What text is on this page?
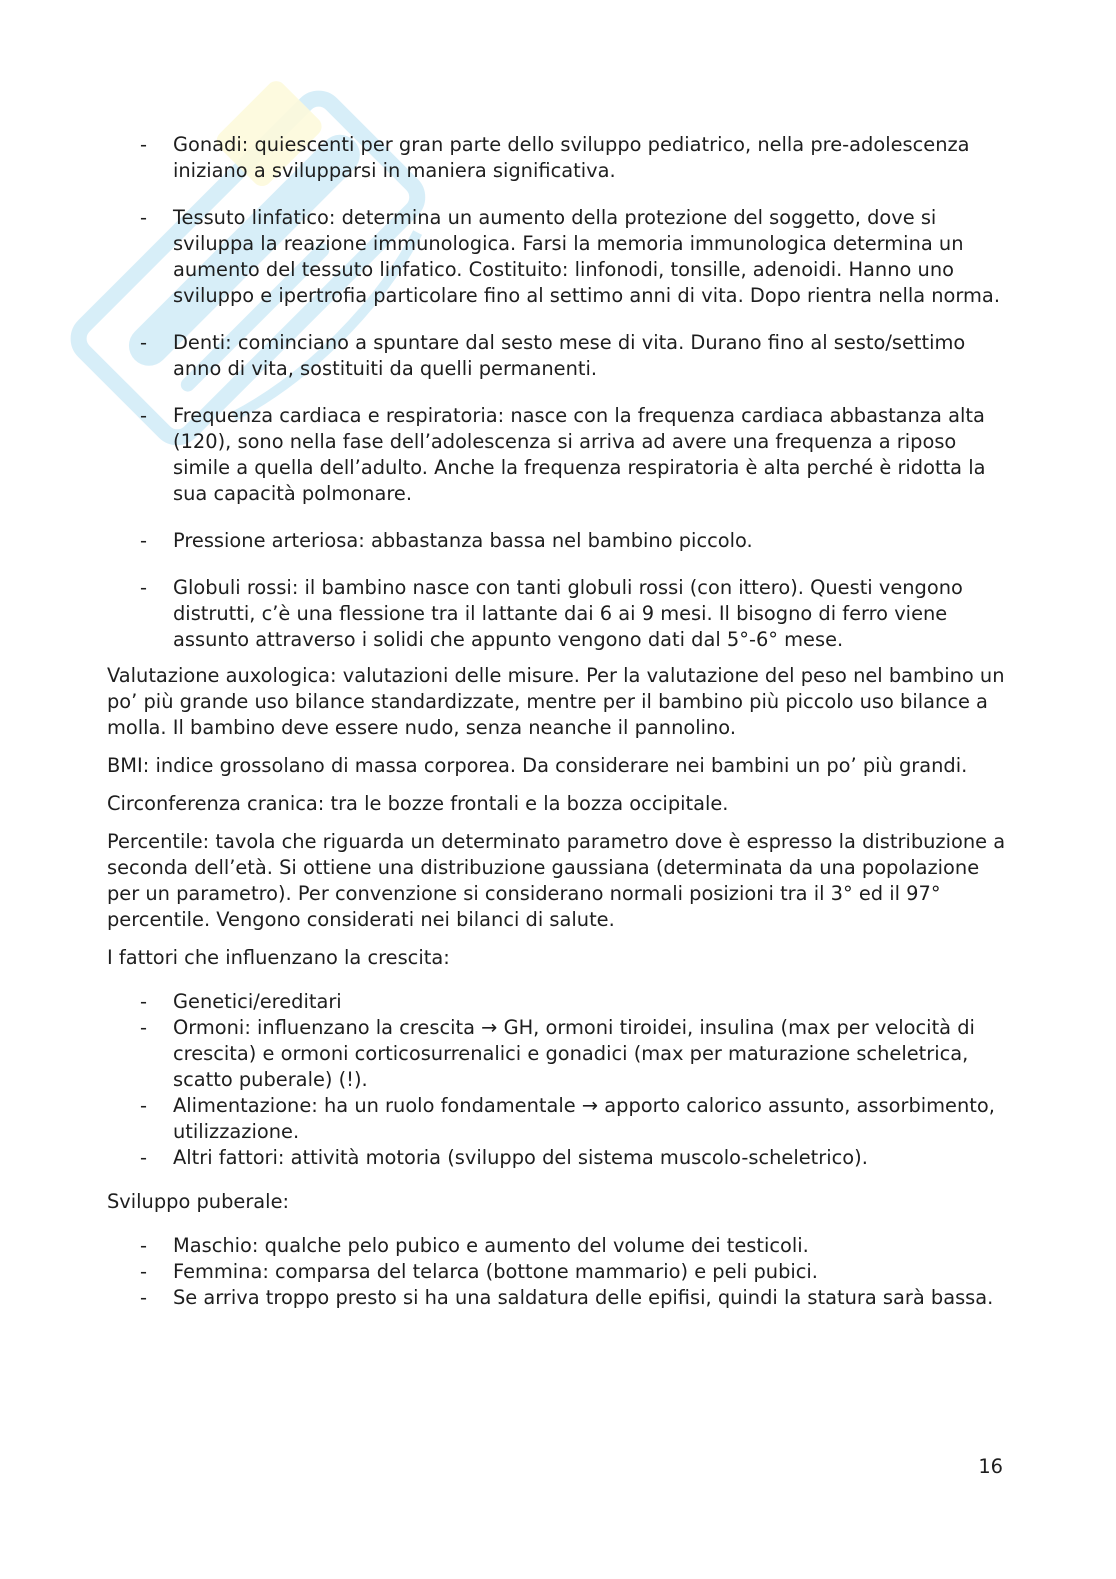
- Gonadi: quiescenti per gran parte dello sviluppo pediatrico, nella pre-adolescenza iniziano a svilupparsi in maniera significativa.
- Tessuto linfatico: determina un aumento della protezione del soggetto, dove si sviluppa la reazione immunologica. Farsi la memoria immunologica determina un aumento del tessuto linfatico. Costituito: linfonodi, tonsille, adenoidi. Hanno uno sviluppo e ipertrofia particolare fino al settimo anni di vita. Dopo rientra nella norma.
- Denti: cominciano a spuntare dal sesto mese di vita. Durano fino al sesto/settimo anno di vita, sostituiti da quelli permanenti.
- Frequenza cardiaca e respiratoria: nasce con la frequenza cardiaca abbastanza alta (120), sono nella fase dell’adolescenza si arriva ad avere una frequenza a riposo simile a quella dell’adulto. Anche la frequenza respiratoria è alta perché è ridotta la sua capacità polmonare.
- Pressione arteriosa: abbastanza bassa nel bambino piccolo.
- Globuli rossi: il bambino nasce con tanti globuli rossi (con ittero). Questi vengono distrutti, c’è una flessione tra il lattante dai 6 ai 9 mesi. Il bisogno di ferro viene assunto attraverso i solidi che appunto vengono dati dal 5°-6° mese.

Valutazione auxologica: valutazioni delle misure. Per la valutazione del peso nel bambino un po’ più grande uso bilance standardizzate, mentre per il bambino più piccolo uso bilance a molla. Il bambino deve essere nudo, senza neanche il pannolino.

BMI: indice grossolano di massa corporea. Da considerare nei bambini un po’ più grandi.

Circonferenza cranica: tra le bozze frontali e la bozza occipitale.

Percentile: tavola che riguarda un determinato parametro dove è espresso la distribuzione a seconda dell’età. Si ottiene una distribuzione gaussiana (determinata da una popolazione per un parametro). Per convenzione si considerano normali posizioni tra il 3° ed il 97° percentile. Vengono considerati nei bilanci di salute.

I fattori che influenzano la crescita:

- Genetici/ereditari
- Ormoni: influenzano la crescita → GH, ormoni tiroidei, insulina (max per velocità di crescita) e ormoni corticosurrenalici e gonadici (max per maturazione scheletrica, scatto puberale) (!).
- Alimentazione: ha un ruolo fondamentale → apporto calorico assunto, assorbimento, utilizzazione.
- Altri fattori: attività motoria (sviluppo del sistema muscolo-scheletrico).

Sviluppo puberale:

- Maschio: qualche pelo pubico e aumento del volume dei testicoli.
- Femmina: comparsa del telarca (bottone mammario) e peli pubici.
- Se arriva troppo presto si ha una saldatura delle epifisi, quindi la statura sarà bassa.
16
